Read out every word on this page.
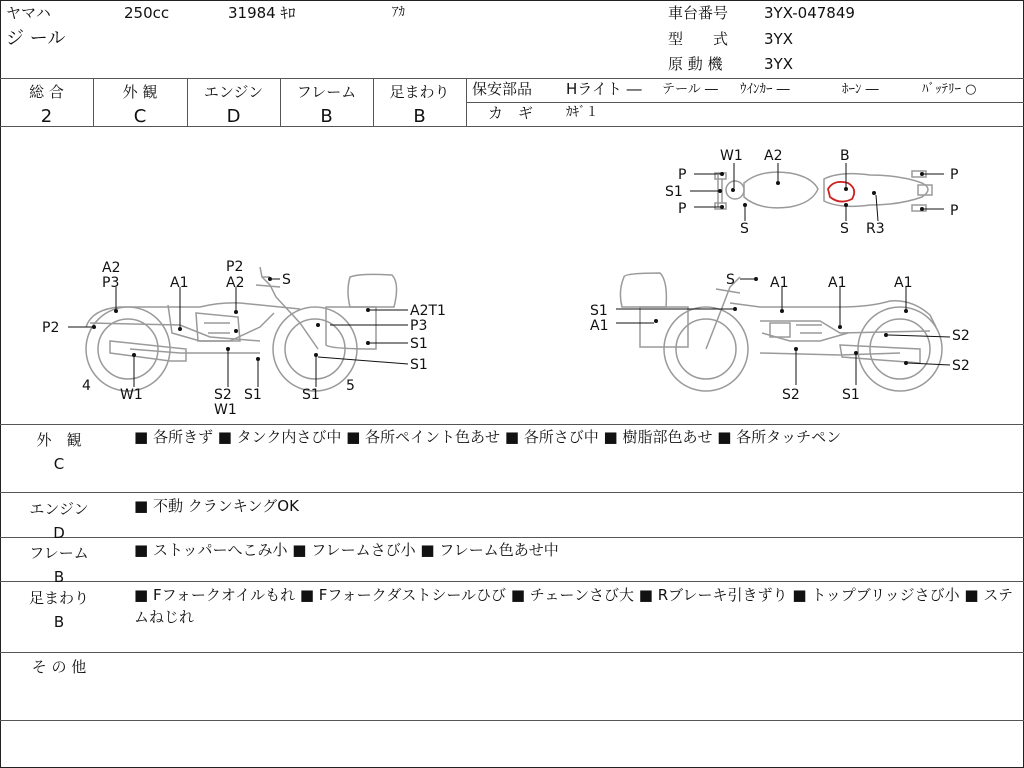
ヤマハ	250cc	31984 ｷﾛ	ｱｶ
ジ ール
車台番号 3YX-047849
型　　式 3YX
原 動 機	3YX
総 合
2
外 観
C
エンジン
D
フレーム
B
足まわり
B
保安部品 Hライト ― テール ― ｳｲﾝｶｰ ―	ﾎｰﾝ ―	ﾊﾞｯﾃﾘｰ ○
カ　ギ	ｶｷﾞ１
P
S1
P
W1
S
A2	B
S R3
P
P
A2
P3	A1
P2
A2	S
A2T1
P2
P3
S1
S1
4
W1	S2 S1
W1
S1
5
S	A1	A1	A1
S1
A1
S2
S2
S2	S1
外　観
C
■ 各所きず ■ タンク内さび中 ■ 各所ペイント色あせ ■ 各所さび中 ■ 樹脂部色あせ ■ 各所タッチペン
エンジン
D
■ 不動 クランキングOK
フレーム
B
■ ストッパーへこみ小 ■ フレームさび小 ■ フレーム色あせ中
足まわり
B
■ Fフォークオイルもれ ■ Fフォークダストシールひび ■ チェーンさび大 ■ Rブレーキ引きずり ■ トップブリッジさび小 ■ ステムねじれ
そ の 他
